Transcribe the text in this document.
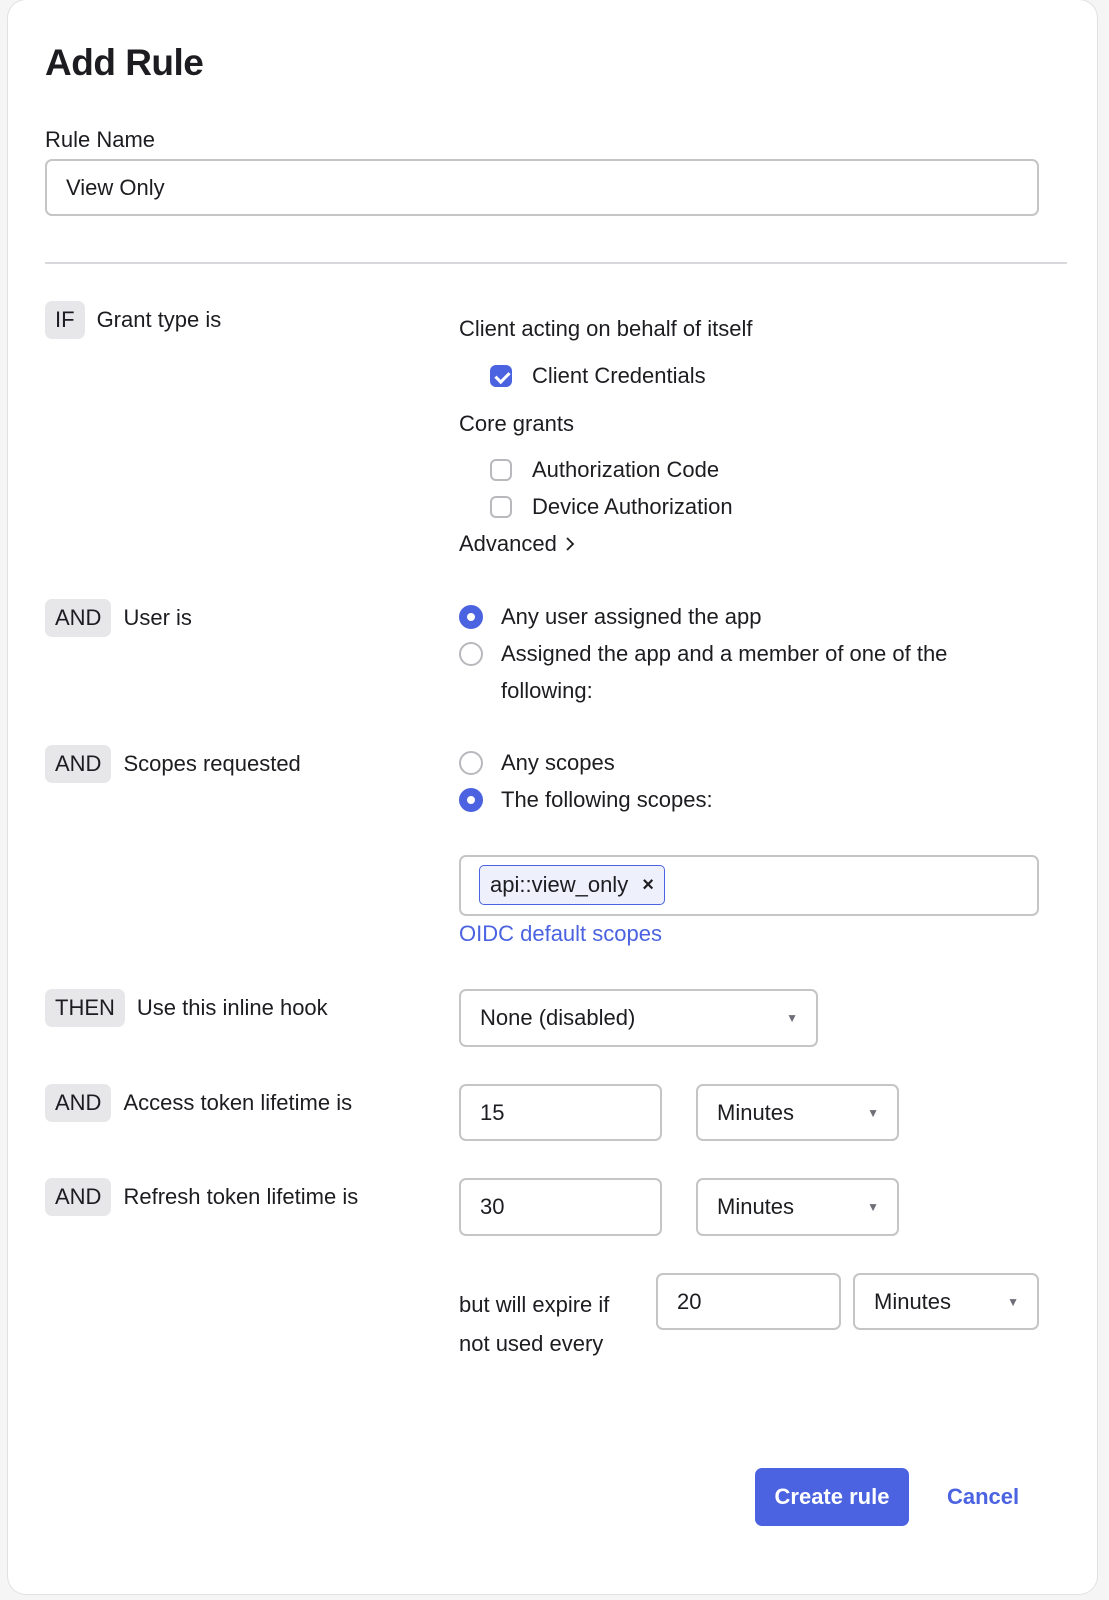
Add Rule
Rule Name
View Only
IF	Grant type is	Client acting on behalf of itself
Client Credentials
Core grants
Authorization Code
Device Authorization
Advanced
AND	User is	Any user assigned the app
Assigned the app and a member of one of the
following:
AND	Scopes requested	Any scopes
The following scopes:
api::view_only ×
OIDC default scopes
THEN	Use this inline hook	None (disabled)	▼
AND	Access token lifetime is	15	Minutes	▼
AND	Refresh token lifetime is	30	Minutes	▼
but will expire if
not used every
20	Minutes	▼
Create rule	Cancel
